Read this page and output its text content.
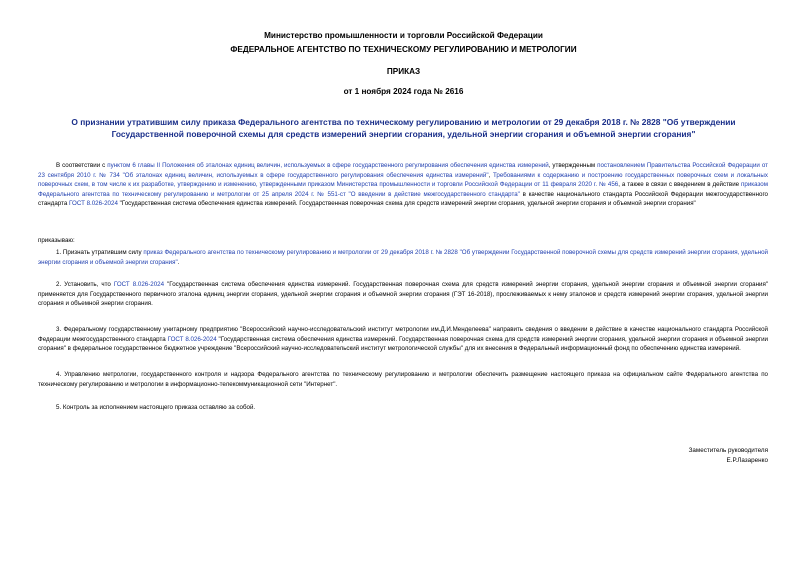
Министерство промышленности и торговли Российской Федерации
ФЕДЕРАЛЬНОЕ АГЕНТСТВО ПО ТЕХНИЧЕСКОМУ РЕГУЛИРОВАНИЮ И МЕТРОЛОГИИ
ПРИКАЗ
от 1 ноября 2024 года № 2616
О признании утратившим силу приказа Федерального агентства по техническому регулированию и метрологии от 29 декабря 2018 г. № 2828 "Об утверждении Государственной поверочной схемы для средств измерений энергии сгорания, удельной энергии сгорания и объемной энергии сгорания"
В соответствии с пунктом 6 главы II Положения об эталонах единиц величин, используемых в сфере государственного регулирования обеспечения единства измерений, утвержденным постановлением Правительства Российской Федерации от 23 сентября 2010 г. № 734 "Об эталонах единиц величин, используемых в сфере государственного регулирования обеспечения единства измерений", Требованиями к содержанию и построению государственных поверочных схем и локальных поверочных схем, в том числе к их разработке, утверждению и изменению, утвержденными приказом Министерства промышленности и торговли Российской Федерации от 11 февраля 2020 г. № 456, а также в связи с введением в действие приказом Федерального агентства по техническому регулированию и метрологии от 25 апреля 2024 г. № 551-ст "О введении в действие межгосударственного стандарта" в качестве национального стандарта Российской Федерации межгосударственного стандарта ГОСТ 8.026-2024 "Государственная система обеспечения единства измерений. Государственная поверочная схема для средств измерений энергии сгорания, удельной энергии сгорания и объемной энергии сгорания"
приказываю:
1. Признать утратившим силу приказ Федерального агентства по техническому регулированию и метрологии от 29 декабря 2018 г. № 2828 "Об утверждении Государственной поверочной схемы для средств измерений энергии сгорания, удельной энергии сгорания и объемной энергии сгорания".
2. Установить, что ГОСТ 8.026-2024 "Государственная система обеспечения единства измерений. Государственная поверочная схема для средств измерений энергии сгорания, удельной энергии сгорания и объемной энергии сгорания" применяется для Государственного первичного эталона единиц энергии сгорания, удельной энергии сгорания и объемной энергии сгорания (ГЭТ 16-2018), прослеживаемых к нему эталонов и средств измерений энергии сгорания, удельной энергии сгорания и объемной энергии сгорания.
3. Федеральному государственному унитарному предприятию "Всероссийский научно-исследовательский институт метрологии им.Д.И.Менделеева" направить сведения о введении в действие в качестве национального стандарта Российской Федерации межгосударственного стандарта ГОСТ 8.026-2024 "Государственная система обеспечения единства измерений. Государственная поверочная схема для средств измерений энергии сгорания, удельной энергии сгорания и объемной энергии сгорания" в федеральное государственное бюджетное учреждение "Всероссийский научно-исследовательский институт метрологической службы" для их внесения в Федеральный информационный фонд по обеспечению единства измерений.
4. Управлению метрологии, государственного контроля и надзора Федерального агентства по техническому регулированию и метрологии обеспечить размещение настоящего приказа на официальном сайте Федерального агентства по техническому регулированию и метрологии в информационно-телекоммуникационной сети "Интернет".
5. Контроль за исполнением настоящего приказа оставляю за собой.
Заместитель руководителя
Е.Р.Лазаренко
